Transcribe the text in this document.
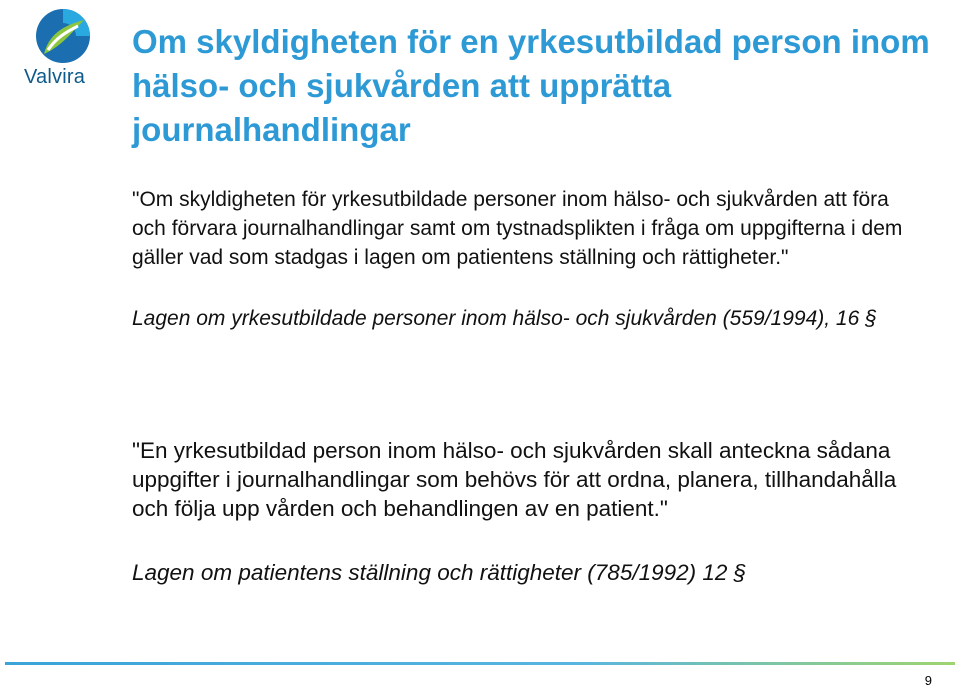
Valvira
Om skyldigheten för en yrkesutbildad person inom hälso- och sjukvården att upprätta journalhandlingar

"Om skyldigheten för yrkesutbildade personer inom hälso- och sjukvården att föra och förvara journalhandlingar samt om tystnadsplikten i fråga om uppgifterna i dem gäller vad som stadgas i lagen om patientens ställning och rättigheter."

Lagen om yrkesutbildade personer inom hälso- och sjukvården (559/1994), 16 §

"En yrkesutbildad person inom hälso- och sjukvården skall anteckna sådana uppgifter i journalhandlingar som behövs för att ordna, planera, tillhandahålla och följa upp vården och behandlingen av en patient."

Lagen om patientens ställning och rättigheter (785/1992) 12 §

9
